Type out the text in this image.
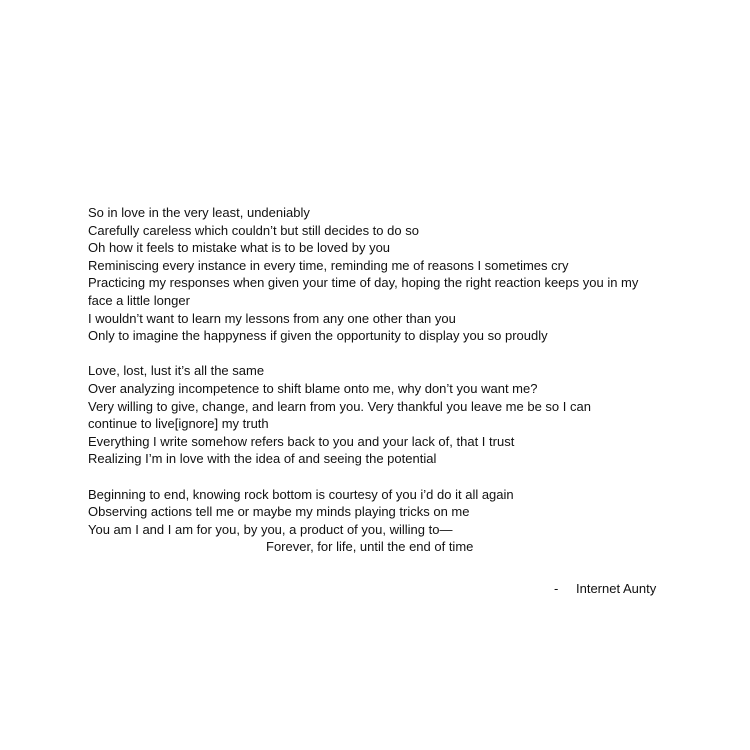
So in love in the very least, undeniably
Carefully careless which couldn’t but still decides to do so
Oh how it feels to mistake what is to be loved by you
Reminiscing every instance in every time, reminding me of reasons I sometimes cry
Practicing my responses when given your time of day, hoping the right reaction keeps you in my
face a little longer
I wouldn’t want to learn my lessons from any one other than you
Only to imagine the happyness if given the opportunity to display you so proudly
Love, lost, lust it’s all the same
Over analyzing incompetence to shift blame onto me, why don’t you want me?
Very willing to give, change, and learn from you. Very thankful you leave me be so I can
continue to live[ignore] my truth
Everything I write somehow refers back to you and your lack of, that I trust
Realizing I’m in love with the idea of and seeing the potential
Beginning to end, knowing rock bottom is courtesy of you i’d do it all again
Observing actions tell me or maybe my minds playing tricks on me
You am I and I am for you, by you, a product of you, willing to—
Forever, for life, until the end of time
- Internet Aunty
